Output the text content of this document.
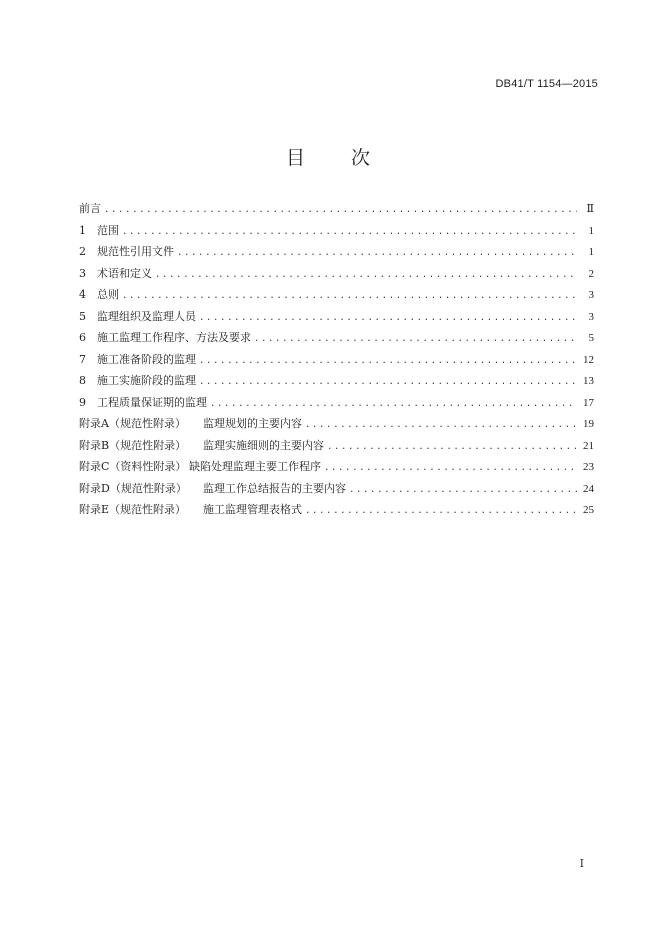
DB41/T 1154—2015
目 次
前言 .....	Ⅱ
1	范围 .....	1
2	规范性引用文件 .....	1
3	术语和定义 .....	2
4	总则 .....	3
5	监理组织及监理人员 .....	3
6	施工监理工作程序、方法及要求 .....	5
7	施工准备阶段的监理 .....	12
8	施工实施阶段的监理 .....	13
9	工程质量保证期的监理 .....	17
附录A（规范性附录）	监理规划的主要内容 .....	19
附录B（规范性附录）	监理实施细则的主要内容 .....	21
附录C（资料性附录） 缺陷处理监理主要工作程序 .....	23
附录D（规范性附录）	监理工作总结报告的主要内容 .....	24
附录E（规范性附录）	施工监理管理表格式 .....	25
I
